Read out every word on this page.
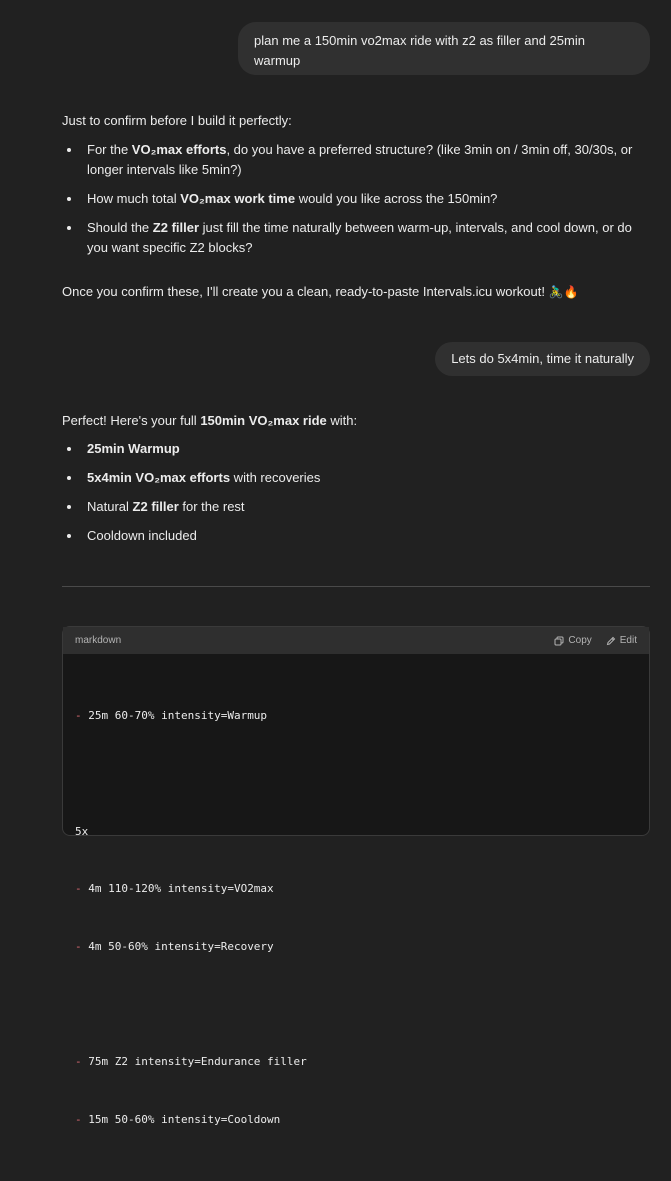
plan me a 150min vo2max ride with z2 as filler and 25min warmup

Just to confirm before I build it perfectly:

For the VO₂max efforts, do you have a preferred structure? (like 3min on / 3min off, 30/30s, or longer intervals like 5min?)
How much total VO₂max work time would you like across the 150min?
Should the Z2 filler just fill the time naturally between warm-up, intervals, and cool down, or do you want specific Z2 blocks?

Once you confirm these, I'll create you a clean, ready-to-paste Intervals.icu workout! 🚴‍♂️🔥

Perfect! Here's your full 150min VO₂max ride with:

25min Warmup
5x4min VO₂max efforts with recoveries
Natural Z2 filler for the rest
Cooldown included
Lets do 5x4min, time it naturally
markdown	Copy	Edit

- 25m 60-70% intensity=Warmup

5x

- 4m 110-120% intensity=VO2max

- 4m 50-60% intensity=Recovery

- 75m Z2 intensity=Endurance filler

- 15m 50-60% intensity=Cooldown
